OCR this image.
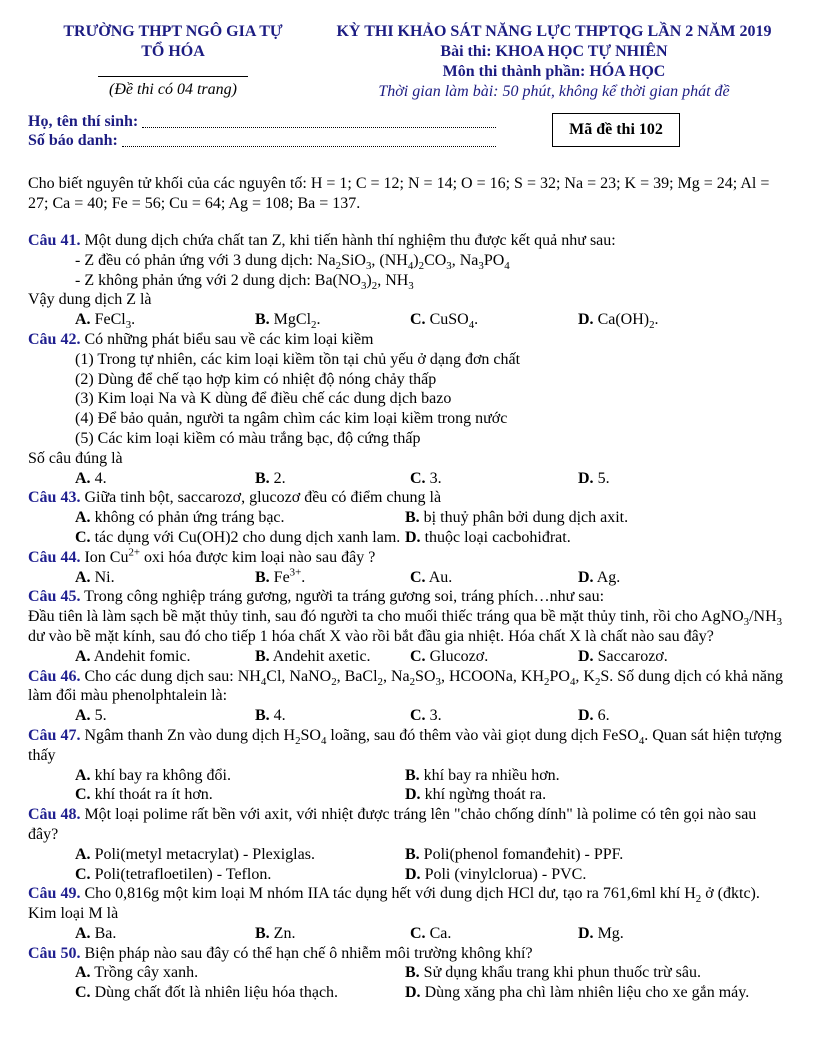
TRƯỜNG THPT NGÔ GIA TỰ

TỔ HÓA

(Đề thi có 04 trang)

KỲ THI KHẢO SÁT NĂNG LỰC THPTQG LẦN 2 NĂM 2019

Bài thi: KHOA HỌC TỰ NHIÊN

Môn thi thành phần: HÓA HỌC

Thời gian làm bài: 50 phút, không kể thời gian phát đề

Họ, tên thí sinh:

Số báo danh:

Mã đề thi 102

Cho biết nguyên tử khối của các nguyên tố: H = 1; C = 12; N = 14; O = 16; S = 32; Na = 23; K = 39; Mg = 24; Al = 27; Ca = 40; Fe = 56; Cu = 64; Ag = 108; Ba = 137.

Câu 41. Một dung dịch chứa chất tan Z, khi tiến hành thí nghiệm thu được kết quả như sau:

- Z đều có phản ứng với 3 dung dịch: $Na_2SiO_3$, $(NH_4)_2CO_3$, $Na_3PO_4$

- Z không phản ứng với 2 dung dịch: $Ba(NO_3)_2$, $NH_3$

Vậy dung dịch Z là

A. FeCl$_3$.	B. MgCl$_2$.	C. CuSO$_4$.	D. $Ca(OH)_2$.

Câu 42. Có những phát biểu sau về các kim loại kiềm

(1) Trong tự nhiên, các kim loại kiềm tồn tại chủ yếu ở dạng đơn chất

(2) Dùng để chế tạo hợp kim có nhiệt độ nóng chảy thấp

(3) Kim loại Na và K dùng để điều chế các dung dịch bazo

(4) Để bảo quản, người ta ngâm chìm các kim loại kiềm trong nước

(5) Các kim loại kiềm có màu trắng bạc, độ cứng thấp

Số câu đúng là

A. 4.	B. 2.	C. 3.	D. 5.

Câu 43. Giữa tinh bột, saccarozơ, glucozơ đều có điểm chung là

A. không có phản ứng tráng bạc.	B. bị thuỷ phân bởi dung dịch axit.
C. tác dụng với Cu(OH)2 cho dung dịch xanh lam. D. thuộc loại cacbohiđrat.

Câu 44. Ion $Cu^{2+}$ oxi hóa được kim loại nào sau đây ?

A. Ni.	B. $Fe^{3+}$.	C. Au.	D. Ag.

Câu 45. Trong công nghiệp tráng gương, người ta tráng gương soi, tráng phích…như sau:

Đầu tiên là làm sạch bề mặt thủy tinh, sau đó người ta cho muối thiếc tráng qua bề mặt thủy tinh, rồi cho $AgNO_3/NH_3$ dư vào bề mặt kính, sau đó cho tiếp 1 hóa chất X vào rồi bắt đầu gia nhiệt. Hóa chất X là chất nào sau đây?

A. Andehit fomic.	B. Andehit axetic.	C. Glucozơ.	D. Saccarozơ.

Câu 46. Cho các dung dịch sau: $NH_4Cl$, NaNO$_2$, BaCl$_2$, $Na_2SO_3$, HCOONa, $KH_2PO_4$, $K_2S$. Số dung dịch có khả năng làm đổi màu phenolphtalein là:

A. 5.	B. 4.	C. 3.	D. 6.

Câu 47. Ngâm thanh Zn vào dung dịch $H_2SO_4$ loãng, sau đó thêm vào vài giọt dung dịch FeSO$_4$. Quan sát hiện tượng thấy

A. khí bay ra không đổi.	B. khí bay ra nhiều hơn.
C. khí thoát ra ít hơn.	D. khí ngừng thoát ra.

Câu 48. Một loại polime rất bền với axit, với nhiệt được tráng lên "chảo chống dính" là polime có tên gọi nào sau đây?

A. Poli(metyl metacrylat) - Plexiglas.	B. Poli(phenol fomanđehit) - PPF.
C. Poli(tetrafloetilen) - Teflon.	D. Poli (vinylclorua) - PVC.

Câu 49. Cho 0,816g một kim loại M nhóm IIA tác dụng hết với dung dịch HCl dư, tạo ra 761,6ml khí $H_2$ ở (đktc). Kim loại M là

A. Ba.	B. Zn.	C. Ca.	D. Mg.

Câu 50. Biện pháp nào sau đây có thể hạn chế ô nhiễm môi trường không khí?

A. Trồng cây xanh.	B. Sử dụng khẩu trang khi phun thuốc trừ sâu.
C. Dùng chất đốt là nhiên liệu hóa thạch.	D. Dùng xăng pha chì làm nhiên liệu cho xe gắn máy.
